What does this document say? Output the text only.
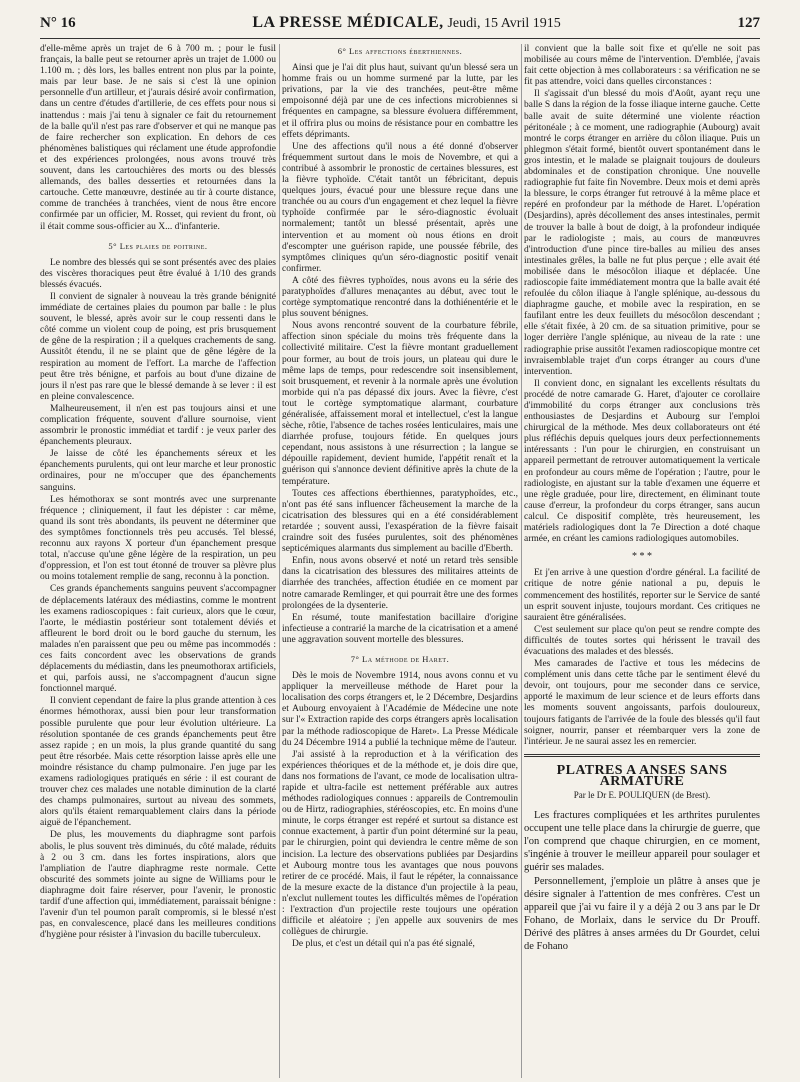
N° 16	LA PRESSE MÉDICALE, Jeudi, 15 Avril 1915	127

d'elle-même après un trajet de 6 à 700 m. ; pour le fusil français, la balle peut se retourner après un trajet de 1.000 ou 1.100 m. ; dès lors, les balles entrent non plus par la pointe, mais par leur base. Je ne sais si c'est là une opinion personnelle d'un artilleur, et j'aurais désiré avoir confirmation, dans un centre d'études d'artillerie, de ces effets pour nous si inattendus : mais j'ai tenu à signaler ce fait du retournement de la balle qu'il n'est pas rare d'observer et qui ne manque pas de faire rechercher son explication. En dehors de ces phénomènes balistiques qui réclament une étude approfondie et des expériences prolongées, nous avons trouvé très souvent, dans les cartouchières des morts ou des blessés allemands, des balles desserties et retournées dans la cartouche. Cette manœuvre, destinée au tir à courte distance, comme de tranchées à tranchées, vient de nous être encore confirmée par un officier, M. Rosset, qui revient du front, où il était comme sous-officier au X... d'infanterie.

5° Les plaies de poitrine.

Le nombre des blessés qui se sont présentés avec des plaies des viscères thoraciques peut être évalué à 1/10 des grands blessés évacués.

Il convient de signaler à nouveau la très grande bénignité immédiate de certaines plaies du poumon par balle : le plus souvent, le blessé, après avoir sur le coup ressenti dans le côté comme un violent coup de poing, est pris brusquement de gêne de la respiration ; il a quelques crachements de sang. Aussitôt étendu, il ne se plaint que de gêne légère de la respiration au moment de l'effort. La marche de l'affection peut être très bénigne, et parfois au bout d'une dizaine de jours il n'est pas rare que le blessé demande à se lever : il est en pleine convalescence.

Malheureusement, il n'en est pas toujours ainsi et une complication fréquente, souvent d'allure sournoise, vient assombrir le pronostic immédiat et tardif : je veux parler des épanchements pleuraux.

Je laisse de côté les épanchements séreux et les épanchements purulents, qui ont leur marche et leur pronostic ordinaires, pour ne m'occuper que des épanchements sanguins.

Les hémothorax se sont montrés avec une surprenante fréquence ; cliniquement, il faut les dépister : car même, quand ils sont très abondants, ils peuvent ne déterminer que des symptômes fonctionnels très peu accusés. Tel blessé, reconnu aux rayons X porteur d'un épanchement presque total, n'accuse qu'une gêne légère de la respiration, un peu d'oppression, et l'on est tout étonné de trouver sa plèvre plus ou moins totalement remplie de sang, reconnu à la ponction.

Ces grands épanchements sanguins peuvent s'accompagner de déplacements latéraux des médiastins, comme le montrent les examens radioscopiques : fait curieux, alors que le cœur, l'aorte, le médiastin postérieur sont totalement déviés et affleurent le bord droit ou le bord gauche du sternum, les malades n'en paraissent que peu ou même pas incommodés : ces faits concordent avec les observations de grands déplacements du médiastin, dans les pneumothorax artificiels, et qui, parfois aussi, ne s'accompagnent d'aucun signe fonctionnel marqué.

Il convient cependant de faire la plus grande attention à ces énormes hémothorax, aussi bien pour leur transformation possible purulente que pour leur évolution ultérieure. La résolution spontanée de ces grands épanchements peut être assez rapide ; en un mois, la plus grande quantité du sang peut être résorbée. Mais cette résorption laisse après elle une moindre résistance du champ pulmonaire. J'en juge par les examens radiologiques pratiqués en série : il est courant de trouver chez ces malades une notable diminution de la clarté des champs pulmonaires, surtout au niveau des sommets, alors qu'ils étaient remarquablement clairs dans la période aiguë de l'épanchement.

De plus, les mouvements du diaphragme sont parfois abolis, le plus souvent très diminués, du côté malade, réduits à 2 ou 3 cm. dans les fortes inspirations, alors que l'ampliation de l'autre diaphragme reste normale. Cette obscurité des sommets jointe au signe de Williams pour le diaphragme doit faire réserver, pour l'avenir, le pronostic tardif d'une affection qui, immédiatement, paraissait bénigne : l'avenir d'un tel poumon paraît compromis, si le blessé n'est pas, en convalescence, placé dans les meilleures conditions d'hygiène pour résister à l'invasion du bacille tuberculeux.

6° Les affections éberthiennes.

Ainsi que je l'ai dit plus haut, suivant qu'un blessé sera un homme frais ou un homme surmené par la lutte, par les privations, par la vie des tranchées, peut-être même empoisonné déjà par une de ces infections microbiennes si fréquentes en campagne, sa blessure évoluera différemment, et il offrira plus ou moins de résistance pour en combattre les effets déprimants.

Une des affections qu'il nous a été donné d'observer fréquemment surtout dans le mois de Novembre, et qui a contribué à assombrir le pronostic de certaines blessures, est la fièvre typhoïde. C'était tantôt un fébricitant, depuis quelques jours, évacué pour une blessure reçue dans une tranchée ou au cours d'un engagement et chez lequel la fièvre typhoïde confirmée par le séro-diagnostic évoluait normalement; tantôt un blessé présentait, après une intervention et au moment où nous étions en droit d'escompter une guérison rapide, une poussée fébrile, des symptômes cliniques qu'un séro-diagnostic positif venait confirmer.

A côté des fièvres typhoïdes, nous avons eu la série des paratyphoïdes d'allures menaçantes au début, avec tout le cortège symptomatique rencontré dans la dothiénentérie et le plus souvent bénignes.

Nous avons rencontré souvent de la courbature fébrile, affection sinon spéciale du moins très fréquente dans la collectivité militaire. C'est la fièvre montant graduellement pour former, au bout de trois jours, un plateau qui dure le même laps de temps, pour redescendre soit insensiblement, soit brusquement, et revenir à la normale après une évolution morbide qui n'a pas dépassé dix jours. Avec la fièvre, c'est tout le cortège symptomatique alarmant, courbature généralisée, affaissement moral et intellectuel, c'est la langue sèche, rôtie, l'absence de taches rosées lenticulaires, mais une diarrhée profuse, toujours fétide. En quelques jours cependant, nous assistons à une résurrection ; la langue se dépouille rapidement, devient humide, l'appétit renaît et la guérison qui s'annonce devient définitive après la chute de la température.

Toutes ces affections éberthiennes, paratyphoïdes, etc., n'ont pas été sans influencer fâcheusement la marche de la cicatrisation des blessures qui en a été considérablement retardée ; souvent aussi, l'exaspération de la fièvre faisait craindre soit des fusées purulentes, soit des phénomènes septicémiques alarmants dus simplement au bacille d'Eberth.

Enfin, nous avons observé et noté un retard très sensible dans la cicatrisation des blessures des militaires atteints de diarrhée des tranchées, affection étudiée en ce moment par notre camarade Remlinger, et qui pourrait être une des formes prolongées de la dysenterie.

En résumé, toute manifestation bacillaire d'origine infectieuse a contrarié la marche de la cicatrisation et a amené une aggravation souvent mortelle des blessures.

7° La méthode de Haret.

Dès le mois de Novembre 1914, nous avons connu et vu appliquer la merveilleuse méthode de Haret pour la localisation des corps étrangers et, le 2 Décembre, Desjardins et Aubourg envoyaient à l'Académie de Médecine une note sur l'« Extraction rapide des corps étrangers après localisation par la méthode radioscopique de Haret». La Presse Médicale du 24 Décembre 1914 a publié la technique même de l'auteur.

J'ai assisté à la reproduction et à la vérification des expériences théoriques et de la méthode et, je dois dire que, dans nos formations de l'avant, ce mode de localisation ultra-rapide et ultra-facile est nettement préférable aux autres méthodes radiologiques connues : appareils de Contremoulin ou de Hirtz, radiographies, stéréoscopies, etc. En moins d'une minute, le corps étranger est repéré et surtout sa distance est connue exactement, à partir d'un point déterminé sur la peau, par le chirurgien, point qui deviendra le centre même de son incision. La lecture des observations publiées par Desjardins et Aubourg montre tous les avantages que nous pouvons retirer de ce procédé. Mais, il faut le répéter, la connaissance de la mesure exacte de la distance d'un projectile à la peau, n'exclut nullement toutes les difficultés mêmes de l'opération : l'extraction d'un projectile reste toujours une opération difficile et aléatoire ; j'en appelle aux souvenirs de mes collègues de chirurgie.

De plus, et c'est un détail qui n'a pas été signalé,

il convient que la balle soit fixe et qu'elle ne soit pas mobilisée au cours même de l'intervention. D'emblée, j'avais fait cette objection à mes collaborateurs : sa vérification ne se fit pas attendre, voici dans quelles circonstances :

Il s'agissait d'un blessé du mois d'Août, ayant reçu une balle S dans la région de la fosse iliaque interne gauche. Cette balle avait de suite déterminé une violente réaction péritonéale ; à ce moment, une radiographie (Aubourg) avait montré le corps étranger en arrière du côlon iliaque. Puis un phlegmon s'était formé, bientôt ouvert spontanément dans le gros intestin, et le malade se plaignait toujours de douleurs abdominales et de constipation chronique. Une nouvelle radiographie fut faite fin Novembre. Deux mois et demi après la blessure, le corps étranger fut retrouvé à la même place et repéré en profondeur par la méthode de Haret. L'opération (Desjardins), après décollement des anses intestinales, permit de trouver la balle à bout de doigt, à la profondeur indiquée par le radiologiste ; mais, au cours de manœuvres d'introduction d'une pince tire-balles au milieu des anses intestinales grêles, la balle ne fut plus perçue ; elle avait été mobilisée dans le mésocôlon iliaque et déplacée. Une radioscopie faite immédiatement montra que la balle avait été refoulée du côlon iliaque à l'angle splénique, au-dessous du diaphragme gauche, et mobile avec la respiration, en se faufilant entre les deux feuillets du mésocôlon descendant ; elle s'était fixée, à 20 cm. de sa situation primitive, pour se loger derrière l'angle splénique, au niveau de la rate : une radiographie prise aussitôt l'examen radioscopique montre cet invraisemblable trajet d'un corps étranger au cours d'une intervention.

Il convient donc, en signalant les excellents résultats du procédé de notre camarade G. Haret, d'ajouter ce corollaire d'immobilité du corps étranger aux conclusions très enthousiastes de Desjardins et Aubourg sur l'emploi chirurgical de la méthode. Mes deux collaborateurs ont été plus réfléchis depuis quelques jours deux perfectionnements intéressants : l'un pour le chirurgien, en construisant un appareil permettant de retrouver automatiquement la verticale en profondeur au cours même de l'opération ; l'autre, pour le radiologiste, en ajustant sur la table d'examen une équerre et une règle graduée, pour lire, directement, en éliminant toute cause d'erreur, la profondeur du corps étranger, sans aucun calcul. Ce dispositif complète, très heureusement, les matériels radiologiques dont la 7e Direction a doté chaque armée, en créant les camions radiologiques automobiles.

* * *

Et j'en arrive à une question d'ordre général. La facilité de critique de notre génie national a pu, depuis le commencement des hostilités, reporter sur le Service de santé un esprit souvent injuste, toujours mordant. Ces critiques ne sauraient être généralisées.

C'est seulement sur place qu'on peut se rendre compte des difficultés de toutes sortes qui hérissent le travail des évacuations des malades et des blessés.

Mes camarades de l'active et tous les médecins de complément unis dans cette tâche par le sentiment élevé du devoir, ont toujours, pour me seconder dans ce service, apporté le maximum de leur science et de leurs efforts dans les moments souvent angoissants, parfois douloureux, toujours fatigants de l'arrivée de la foule des blessés qu'il faut soigner, nourrir, panser et réembarquer vers la zone de l'intérieur. Je ne saurai assez les en remercier.

PLATRES A ANSES SANS ARMATURE
Par le Dr E. POULIQUEN (de Brest).

Les fractures compliquées et les arthrites purulentes occupent une telle place dans la chirurgie de guerre, que l'on comprend que chaque chirurgien, en ce moment, s'ingénie à trouver le meilleur appareil pour soulager et guérir ses malades.

Personnellement, j'emploie un plâtre à anses que je désire signaler à l'attention de mes confrères. C'est un appareil que j'ai vu faire il y a déjà 2 ou 3 ans par le Dr Fohano, de Morlaix, dans le service du Dr Prouff. Dérivé des plâtres à anses armées du Dr Gourdet, celui de Fohano
